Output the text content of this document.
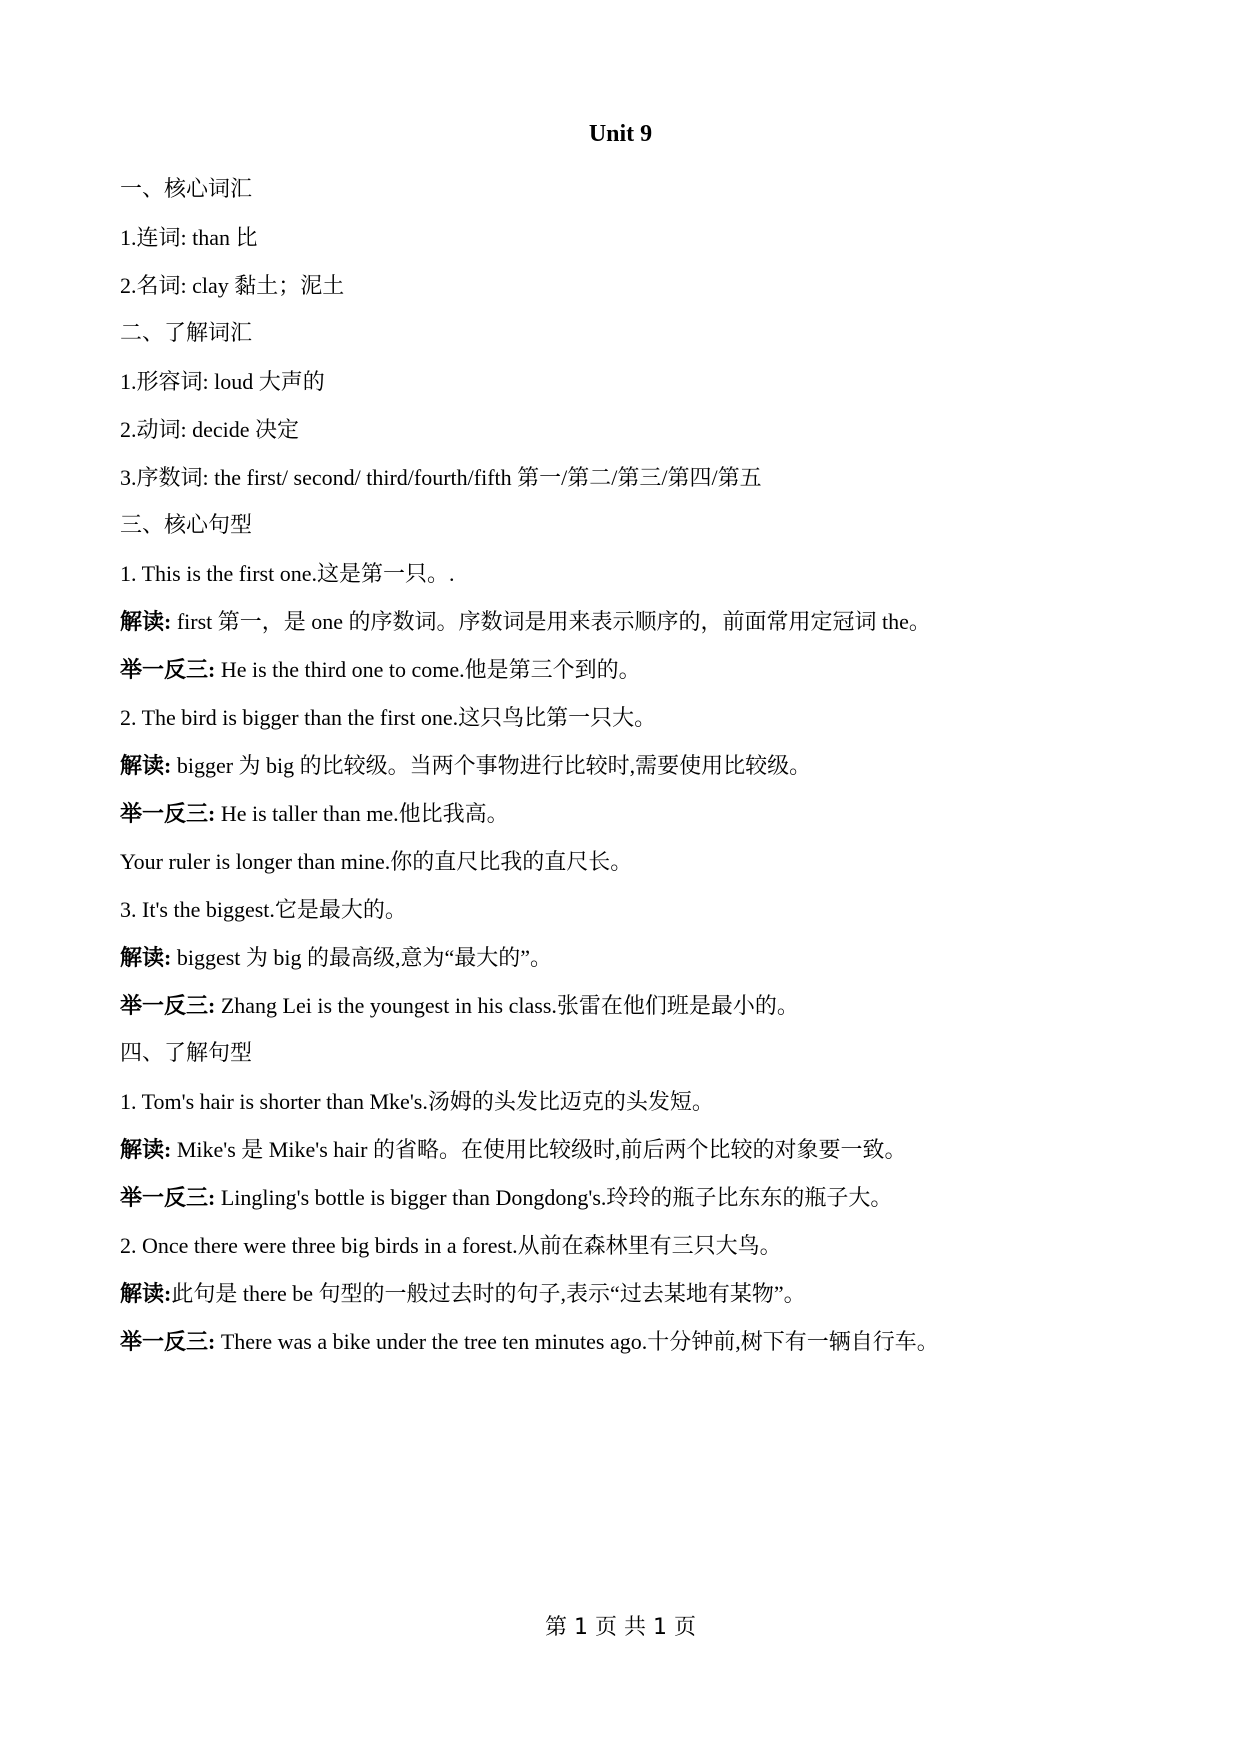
Unit 9
一、核心词汇
1.连词: than 比
2.名词: clay 黏土；泥土
二、了解词汇
1.形容词: loud 大声的
2.动词: decide 决定
3.序数词: the first/ second/ third/fourth/fifth 第一/第二/第三/第四/第五
三、核心句型
1. This is the first one.这是第一只。.
解读: first 第一，是 one 的序数词。序数词是用来表示顺序的，前面常用定冠词 the。
举一反三: He is the third one to come.他是第三个到的。
2. The bird is bigger than the first one.这只鸟比第一只大。
解读: bigger 为 big 的比较级。当两个事物进行比较时,需要使用比较级。
举一反三: He is taller than me.他比我高。
Your ruler is longer than mine.你的直尺比我的直尺长。
3. It's the biggest.它是最大的。
解读: biggest 为 big 的最高级,意为“最大的”。
举一反三: Zhang Lei is the youngest in his class.张雷在他们班是最小的。
四、了解句型
1. Tom's hair is shorter than Mke's.汤姆的头发比迈克的头发短。
解读: Mike's 是 Mike's hair 的省略。在使用比较级时,前后两个比较的对象要一致。
举一反三: Lingling's bottle is bigger than Dongdong's.玲玲的瓶子比东东的瓶子大。
2. Once there were three big birds in a forest.从前在森林里有三只大鸟。
解读:此句是 there be 句型的一般过去时的句子,表示“过去某地有某物”。
举一反三: There was a bike under the tree ten minutes ago.十分钟前,树下有一辆自行车。
第 1 页 共 1 页
